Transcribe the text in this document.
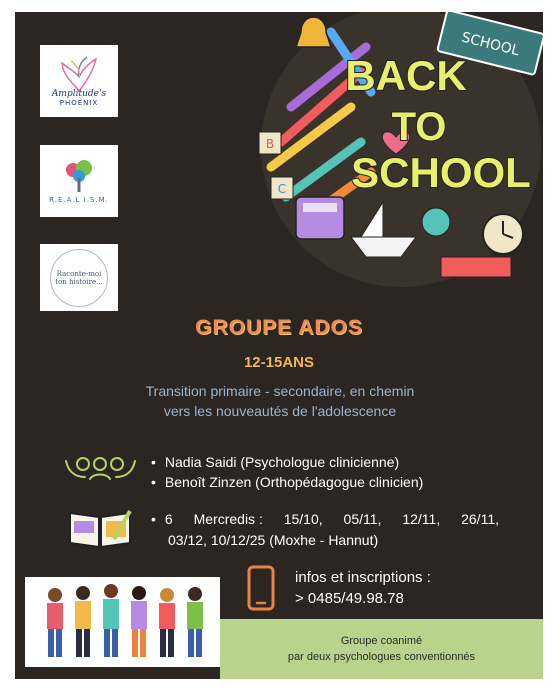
Amplitude's
PHOENIX
R.E.A.L I.S.M.
Raconte-moi ton histoire...
SCHOOL
B
C
BACK
TO
SCHOOL
GROUPE ADOS
12-15ANS
Transition primaire - secondaire, en chemin
vers les nouveautés de l'adolescence
• Nadia Saidi (Psychologue clinicienne)
• Benoît Zinzen (Orthopédagogue clinicien)
• 6 Mercredis : 15/10, 05/11, 12/11, 26/11,
03/12, 10/12/25 (Moxhe - Hannut)
infos et inscriptions :
> 0485/49.98.78
Groupe coanimé
par deux psychologues conventionnés
